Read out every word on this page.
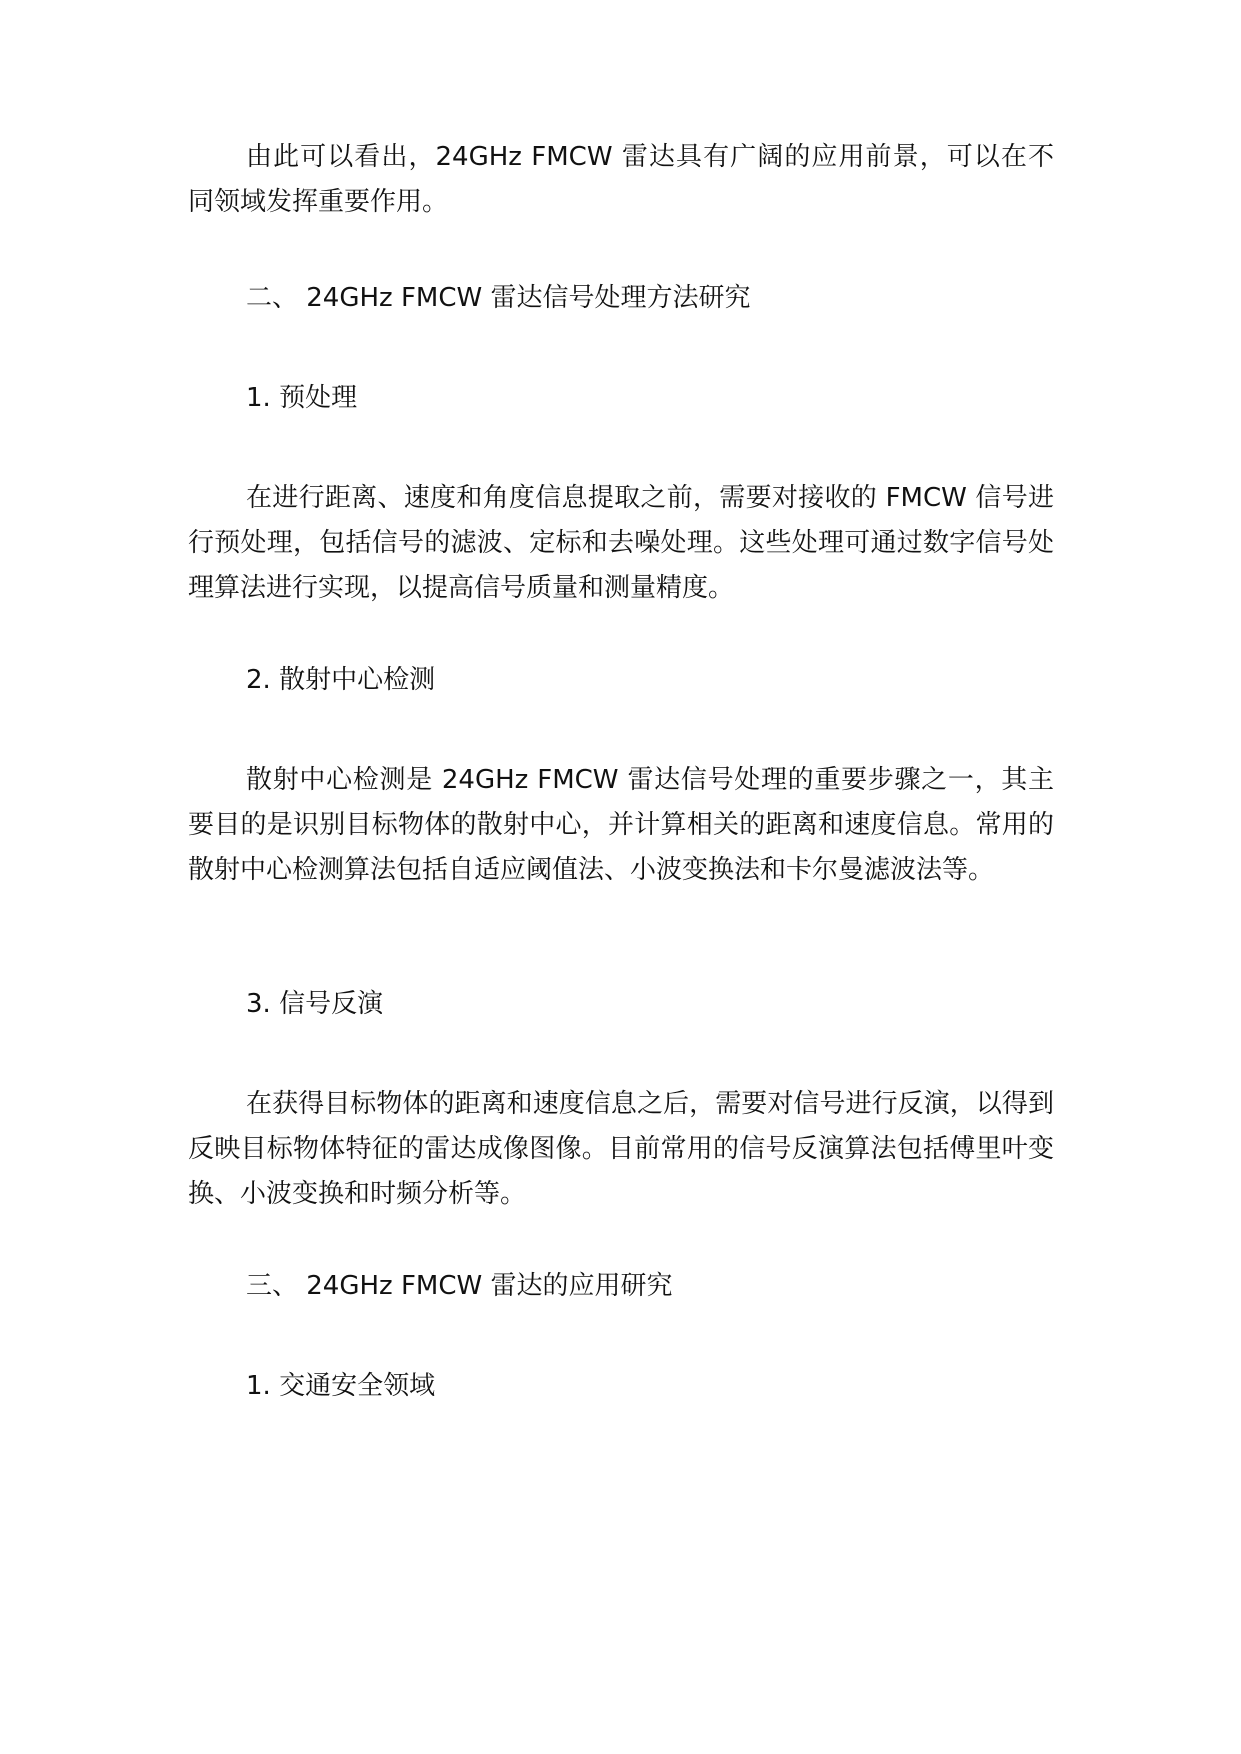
由此可以看出，24GHz FMCW 雷达具有广阔的应用前景，可以在不同领域发挥重要作用。

二、 24GHz FMCW 雷达信号处理方法研究

1. 预处理

在进行距离、速度和角度信息提取之前，需要对接收的 FMCW 信号进行预处理，包括信号的滤波、定标和去噪处理。这些处理可通过数字信号处理算法进行实现，以提高信号质量和测量精度。

2. 散射中心检测

散射中心检测是 24GHz FMCW 雷达信号处理的重要步骤之一，其主要目的是识别目标物体的散射中心，并计算相关的距离和速度信息。常用的散射中心检测算法包括自适应阈值法、小波变换法和卡尔曼滤波法等。

3. 信号反演

在获得目标物体的距离和速度信息之后，需要对信号进行反演，以得到反映目标物体特征的雷达成像图像。目前常用的信号反演算法包括傅里叶变换、小波变换和时频分析等。

三、 24GHz FMCW 雷达的应用研究

1. 交通安全领域
